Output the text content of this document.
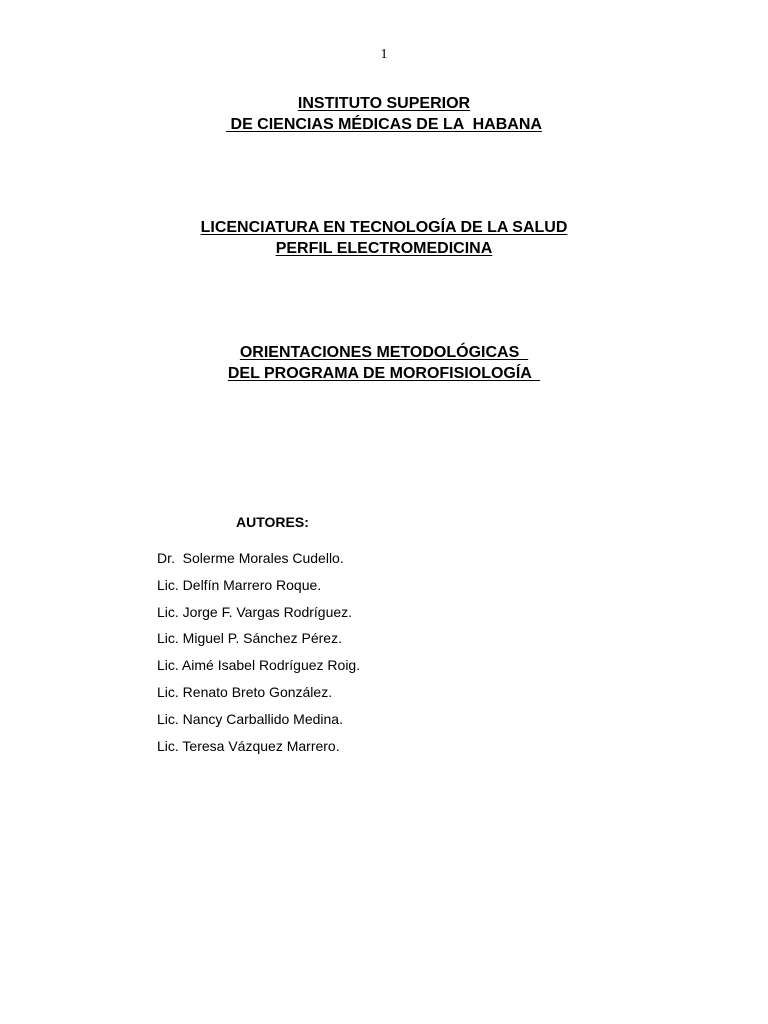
1
INSTITUTO SUPERIOR
DE CIENCIAS MÉDICAS DE LA  HABANA
LICENCIATURA EN TECNOLOGÍA DE LA SALUD
PERFIL ELECTROMEDICINA
ORIENTACIONES METODOLÓGICAS
DEL PROGRAMA DE MOROFISIOLOGÍA
AUTORES:
Dr.  Solerme Morales Cudello.
Lic. Delfín Marrero Roque.
Lic. Jorge F. Vargas Rodríguez.
Lic. Miguel P. Sánchez Pérez.
Lic. Aimé Isabel Rodríguez Roig.
Lic. Renato Breto González.
Lic. Nancy Carballido Medina.
Lic. Teresa Vázquez Marrero.
